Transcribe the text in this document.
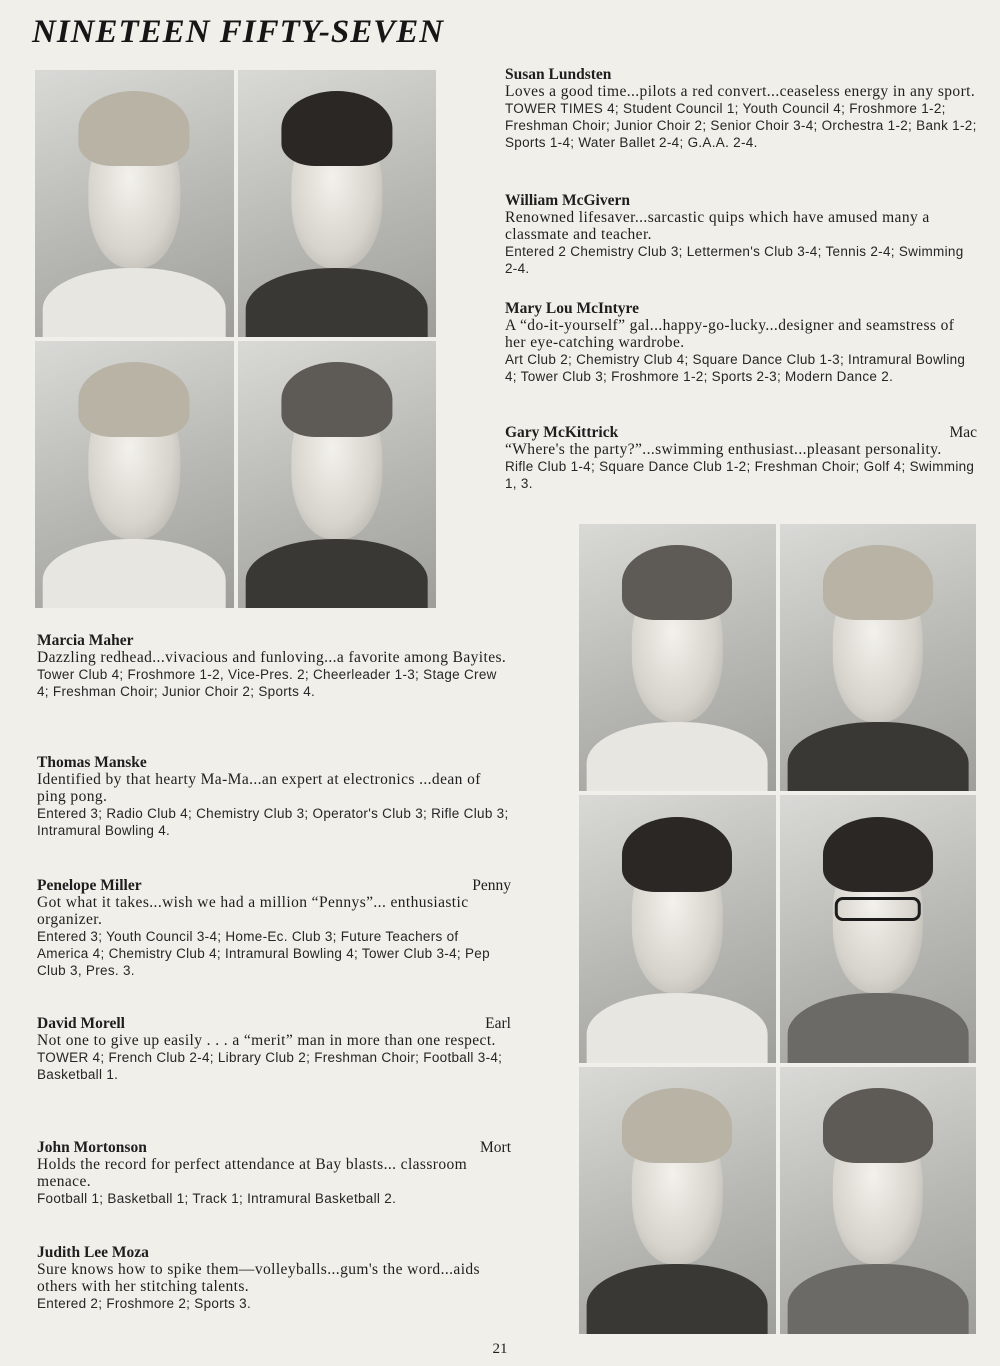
NINETEEN FIFTY-SEVEN
Susan Lundsten
Loves a good time...pilots a red convert...ceaseless energy in any sport.
TOWER TIMES 4; Student Council 1; Youth Council 4; Froshmore 1-2; Freshman Choir; Junior Choir 2; Senior Choir 3-4; Orchestra 1-2; Bank 1-2; Sports 1-4; Water Ballet 2-4; G.A.A. 2-4.
William McGivern
Renowned lifesaver...sarcastic quips which have amused many a classmate and teacher.
Entered 2 Chemistry Club 3; Lettermen's Club 3-4; Tennis 2-4; Swimming 2-4.
Mary Lou McIntyre
A “do-it-yourself” gal...happy-go-lucky...designer and seamstress of her eye-catching wardrobe.
Art Club 2; Chemistry Club 4; Square Dance Club 1-3; Intramural Bowling 4; Tower Club 3; Froshmore 1-2; Sports 2-3; Modern Dance 2.
Gary McKittrick	Mac
“Where's the party?”...swimming enthusiast...pleasant personality.
Rifle Club 1-4; Square Dance Club 1-2; Freshman Choir; Golf 4; Swimming 1, 3.
Marcia Maher
Dazzling redhead...vivacious and funloving...a favorite among Bayites.
Tower Club 4; Froshmore 1-2, Vice-Pres. 2; Cheerleader 1-3; Stage Crew 4; Freshman Choir; Junior Choir 2; Sports 4.
Thomas Manske
Identified by that hearty Ma-Ma...an expert at electronics ...dean of ping pong.
Entered 3; Radio Club 4; Chemistry Club 3; Operator's Club 3; Rifle Club 3; Intramural Bowling 4.
Penelope Miller	Penny
Got what it takes...wish we had a million “Pennys”... enthusiastic organizer.
Entered 3; Youth Council 3-4; Home-Ec. Club 3; Future Teachers of America 4; Chemistry Club 4; Intramural Bowling 4; Tower Club 3-4; Pep Club 3, Pres. 3.
David Morell	Earl
Not one to give up easily . . . a “merit” man in more than one respect.
TOWER 4; French Club 2-4; Library Club 2; Freshman Choir; Football 3-4; Basketball 1.
John Mortonson	Mort
Holds the record for perfect attendance at Bay blasts... classroom menace.
Football 1; Basketball 1; Track 1; Intramural Basketball 2.
Judith Lee Moza
Sure knows how to spike them—volleyballs...gum's the word...aids others with her stitching talents.
Entered 2; Froshmore 2; Sports 3.
21
